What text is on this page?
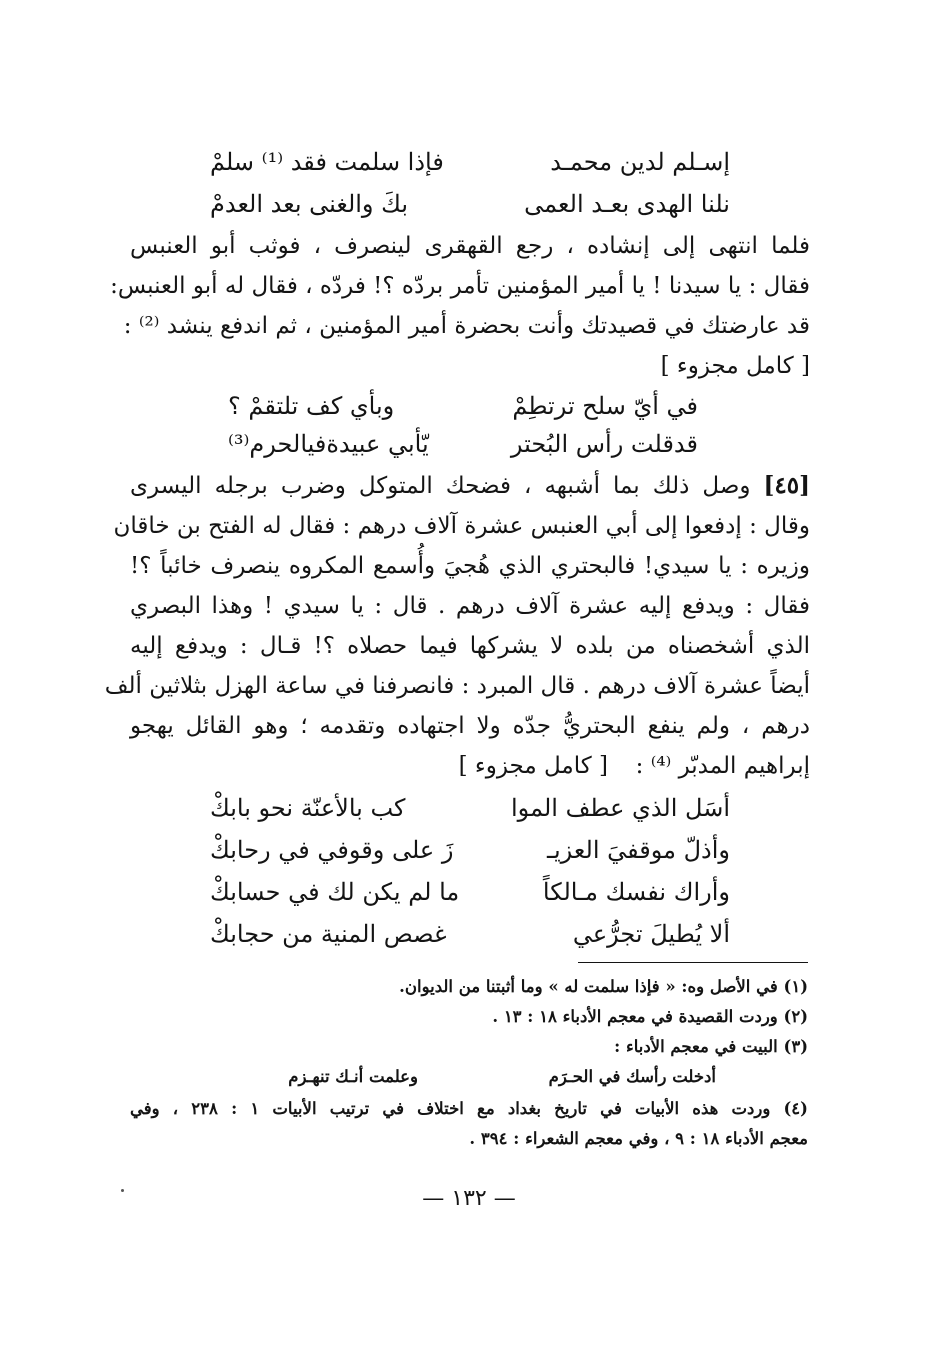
إسـلم لدين محمـد
فإذا سلمت فقد ⁽¹⁾ سلمْ
نلنا الهدى بعـد العمى
بكَ والغنى بعد العدمْ
فلما انتهى إلى إنشاده ، رجع القهقرى لينصرف ، فوثب أبو العنبس
فقال : يا سيدنا ! يا أمير المؤمنين تأمر بردّه ؟! فردّه ، فقال له أبو العنبس:
قد عارضتك في قصيدتك وأنت بحضرة أمير المؤمنين ، ثم اندفع ينشد ⁽²⁾ :
[ كامل مجزوء ]
في أيّ سلح ترتطِمْ
وبأي كف تلتقمْ ؟
قدقلت رأس البُحتر
يّأبي عبيدةفيالحرم⁽³⁾
[٤٥] وصل ذلك بما أشبهه ، فضحك المتوكل وضرب برجله اليسرى
وقال : إدفعوا إلى أبي العنبس عشرة آلاف درهم : فقال له الفتح بن خاقان
وزيره : يا سيدي! فالبحتري الذي هُجيَ وأُسمع المكروه ينصرف خائباً ؟!
فقال : ويدفع إليه عشرة آلاف درهم . قال : يا سيدي ! وهذا البصري
الذي أشخصناه من بلده لا يشركها فيما حصلاه ؟! قـال : ويدفع إليه
أيضاً عشرة آلاف درهم . قال المبرد : فانصرفنا في ساعة الهزل بثلاثين ألف
درهم ، ولم ينفع البحتريُّ جدّه ولا اجتهاده وتقدمه ؛ وهو القائل يهجو
إبراهيم المدبّر ⁽⁴⁾ :
[ كامل مجزوء ]
أسَل الذي عطف الموا
كب بالأعنّة نحو بابكْ
وأذلّ موقفيَ العزيـ
زَ على وقوفي في رحابكْ
وأراك نفسك مـالكاً
ما لم يكن لك في حسابكْ
ألا يُطيلَ تجرُّعي
غصص المنية من حجابكْ
(١) في الأصل وه: « فإذا سلمت له » وما أثبتنا من الديوان.
(٢) وردت القصيدة في معجم الأدباء ١٨ : ١٣ .
(٣) البيت في معجم الأدباء :
أدخلت رأسك في الحـرَم
وعلمت أنـك تنهـزم
(٤) وردت هذه الأبيات في تاريخ بغداد مع اختلاف في ترتيب الأبيات ١ : ٢٣٨ ، وفي
معجم الأدباء ١٨ : ٩ ، وفي معجم الشعراء : ٣٩٤ .
— ١٣٢ —
